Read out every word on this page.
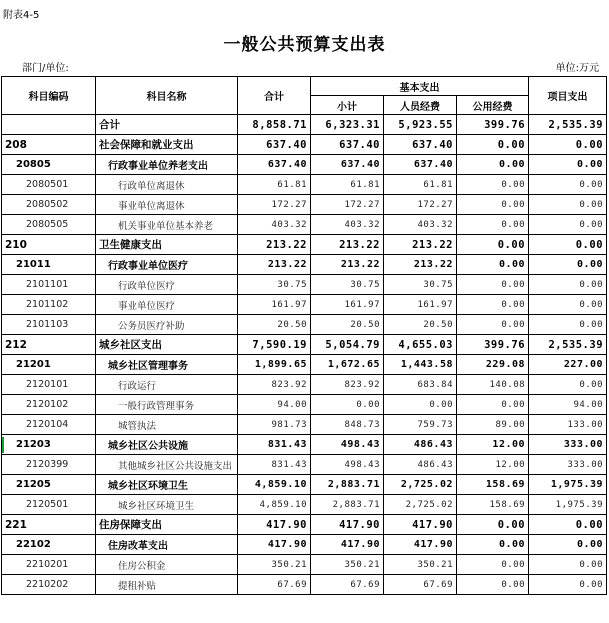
附表4-5
一般公共预算支出表
部门/单位:	单位:万元
科目编码	科目名称	合计	基本支出			项目支出
			小计	人员经费	公用经费	
	合计	8,858.71	6,323.31	5,923.55	399.76	2,535.39
208	社会保障和就业支出	637.40	637.40	637.40	0.00	0.00
20805	行政事业单位养老支出	637.40	637.40	637.40	0.00	0.00
2080501	行政单位离退休	61.81	61.81	61.81	0.00	0.00
2080502	事业单位离退休	172.27	172.27	172.27	0.00	0.00
2080505	机关事业单位基本养老	403.32	403.32	403.32	0.00	0.00
210	卫生健康支出	213.22	213.22	213.22	0.00	0.00
21011	行政事业单位医疗	213.22	213.22	213.22	0.00	0.00
2101101	行政单位医疗	30.75	30.75	30.75	0.00	0.00
2101102	事业单位医疗	161.97	161.97	161.97	0.00	0.00
2101103	公务员医疗补助	20.50	20.50	20.50	0.00	0.00
212	城乡社区支出	7,590.19	5,054.79	4,655.03	399.76	2,535.39
21201	城乡社区管理事务	1,899.65	1,672.65	1,443.58	229.08	227.00
2120101	行政运行	823.92	823.92	683.84	140.08	0.00
2120102	一般行政管理事务	94.00	0.00	0.00	0.00	94.00
2120104	城管执法	981.73	848.73	759.73	89.00	133.00

21203	城乡社区公共设施	831.43	498.43	486.43	12.00	333.00
2120399	其他城乡社区公共设施支出	831.43	498.43	486.43	12.00	333.00
21205	城乡社区环境卫生	4,859.10	2,883.71	2,725.02	158.69	1,975.39
2120501	城乡社区环境卫生	4,859.10	2,883.71	2,725.02	158.69	1,975.39
221	住房保障支出	417.90	417.90	417.90	0.00	0.00
22102	住房改革支出	417.90	417.90	417.90	0.00	0.00
2210201	住房公积金	350.21	350.21	350.21	0.00	0.00
2210202	提租补贴	67.69	67.69	67.69	0.00	0.00
